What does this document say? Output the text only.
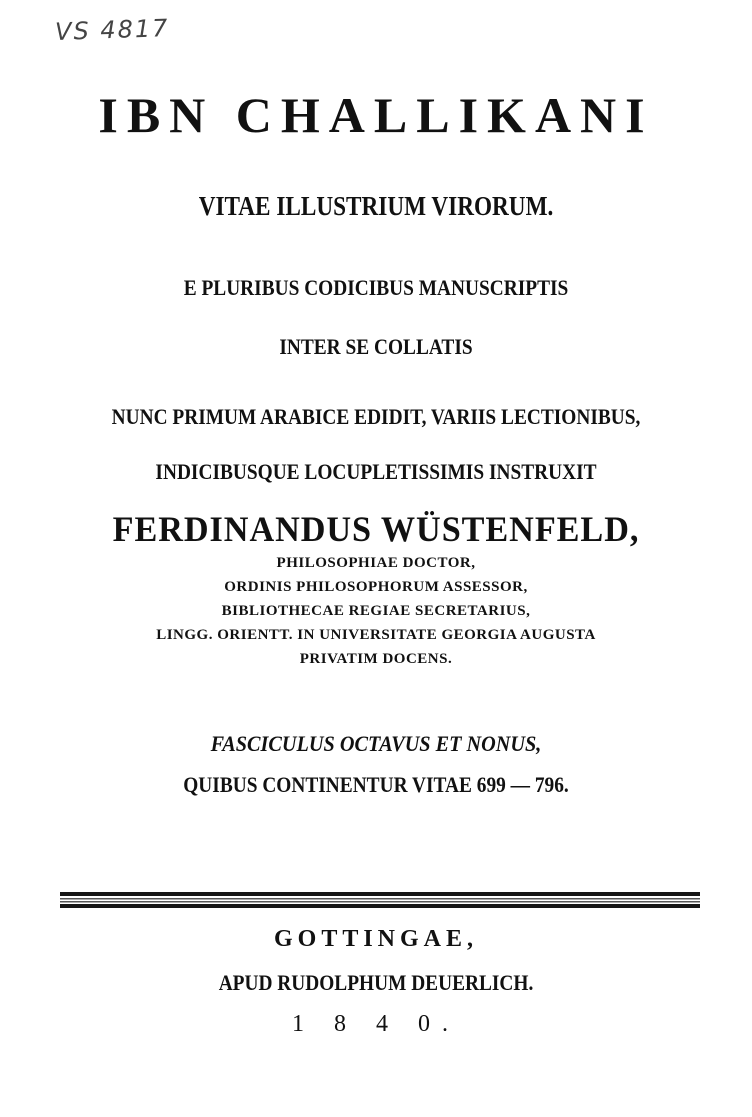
VS 4817
IBN CHALLIKANI
VITAE ILLUSTRIUM VIRORUM.
E PLURIBUS CODICIBUS MANUSCRIPTIS
INTER SE COLLATIS
NUNC PRIMUM ARABICE EDIDIT, VARIIS LECTIONIBUS,
INDICIBUSQUE LOCUPLETISSIMIS INSTRUXIT
FERDINANDUS WÜSTENFELD,
PHILOSOPHIAE DOCTOR,
ORDINIS PHILOSOPHORUM ASSESSOR,
BIBLIOTHECAE REGIAE SECRETARIUS,
LINGG. ORIENTT. IN UNIVERSITATE GEORGIA AUGUSTA
PRIVATIM DOCENS.
FASCICULUS OCTAVUS ET NONUS,
QUIBUS CONTINENTUR VITAE 699 — 796.
GOTTINGAE,
APUD RUDOLPHUM DEUERLICH.
1 8 4 0.
